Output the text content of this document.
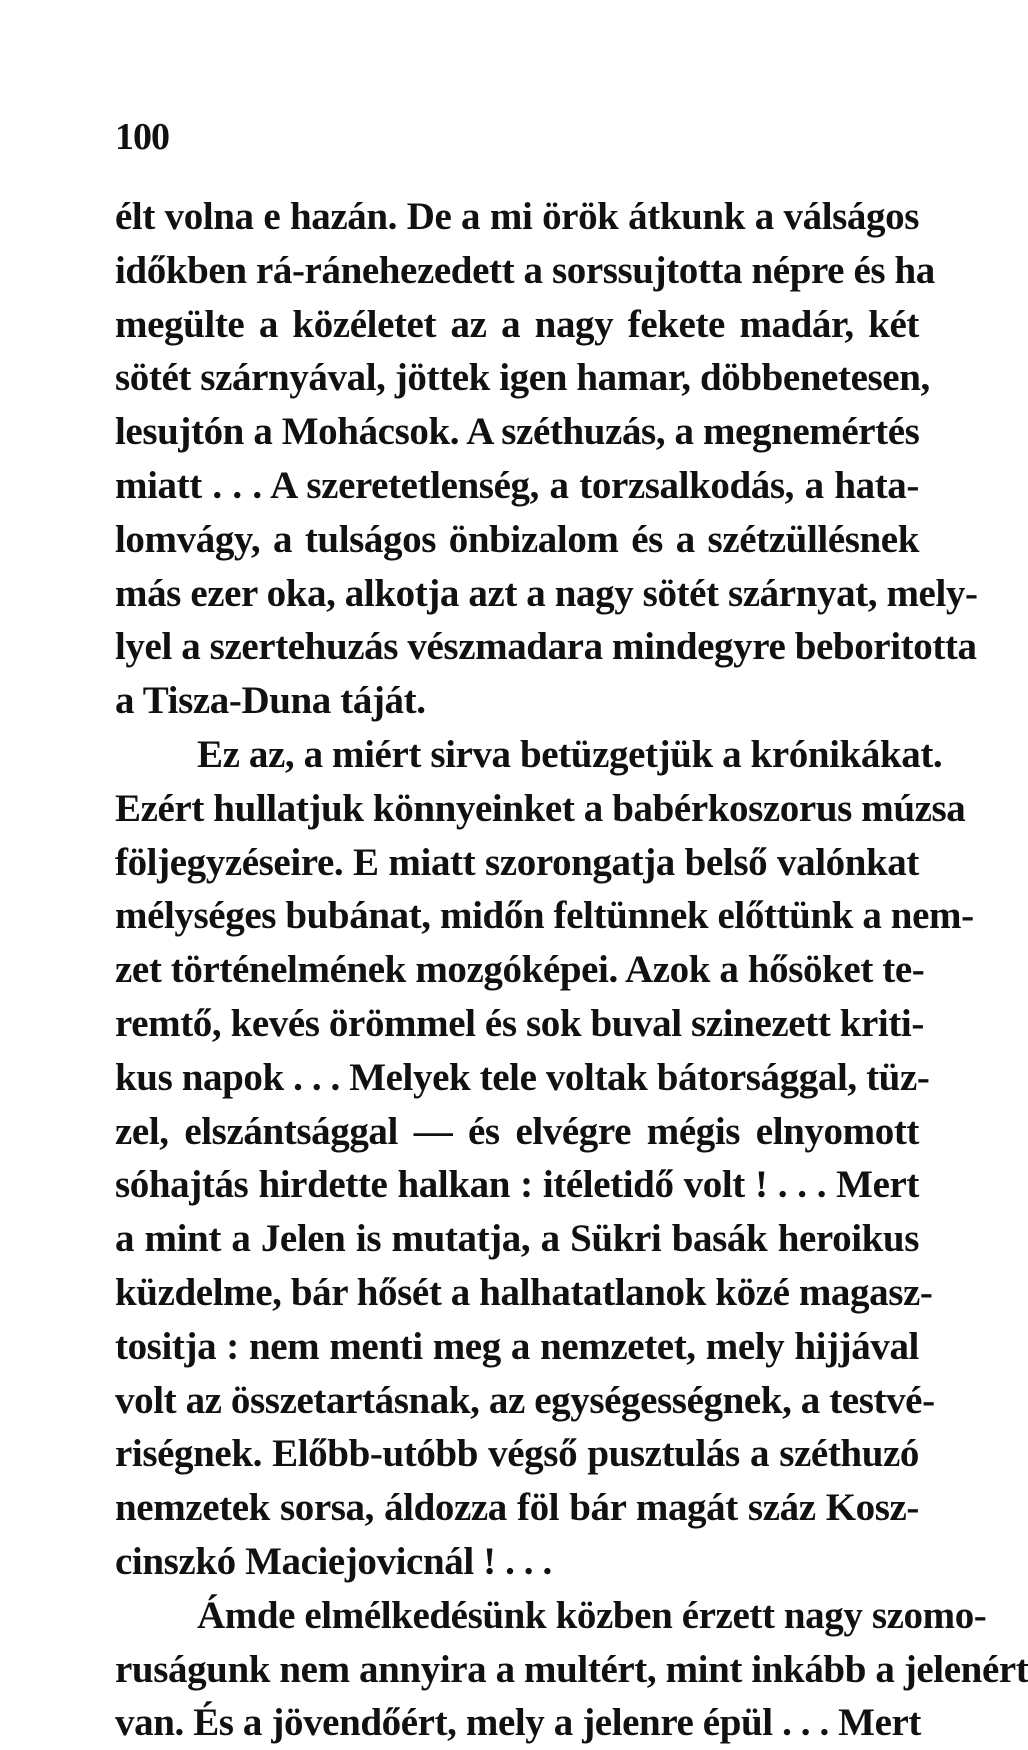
100
élt volna e hazán. De a mi örök átkunk a válságos
időkben rá-ránehezedett a sorssujtotta népre és ha
megülte a közéletet az a nagy fekete madár, két
sötét szárnyával, jöttek igen hamar, döbbenetesen,
lesujtón a Mohácsok. A széthuzás, a megnemértés
miatt . . . A szeretetlenség, a torzsalkodás, a hata-
lomvágy, a tulságos önbizalom és a szétzüllésnek
más ezer oka, alkotja azt a nagy sötét szárnyat, mely-
lyel a szertehuzás vészmadara mindegyre beboritotta
a Tisza-Duna táját.
Ez az, a miért sirva betüzgetjük a krónikákat.
Ezért hullatjuk könnyeinket a babérkoszorus múzsa
följegyzéseire. E miatt szorongatja belső valónkat
mélységes bubánat, midőn feltünnek előttünk a nem-
zet történelmének mozgóképei. Azok a hősöket te-
remtő, kevés örömmel és sok buval szinezett kriti-
kus napok . . . Melyek tele voltak bátorsággal, tüz-
zel, elszántsággal — és elvégre mégis elnyomott
sóhajtás hirdette halkan : itéletidő volt ! . . . Mert
a mint a Jelen is mutatja, a Sükri basák heroikus
küzdelme, bár hősét a halhatatlanok közé magasz-
tositja : nem menti meg a nemzetet, mely hijjával
volt az összetartásnak, az egységességnek, a testvé-
riségnek. Előbb-utóbb végső pusztulás a széthuzó
nemzetek sorsa, áldozza föl bár magát száz Kosz-
cinszkó Maciejovicnál ! . . .
Ámde elmélkedésünk közben érzett nagy szomo-
ruságunk nem annyira a multért, mint inkább a jelenért
van. És a jövendőért, mely a jelenre épül . . . Mert
